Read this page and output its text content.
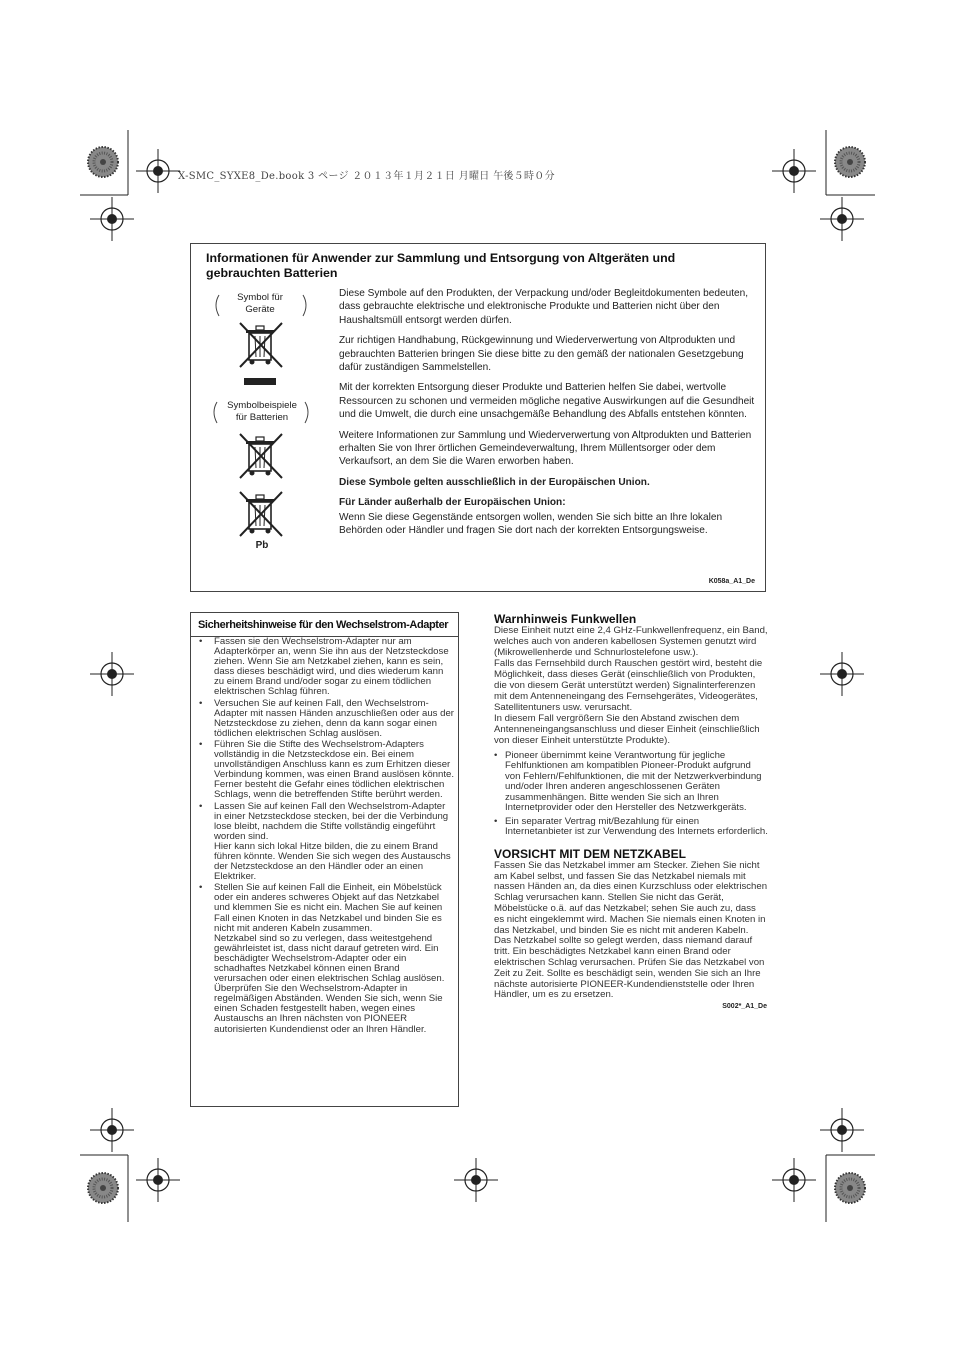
X-SMC_SYXE8_De.book 3 ページ ２０１３年１月２１日 月曜日 午後５時０分
Informationen für Anwender zur Sammlung und Entsorgung von Altgeräten und gebrauchten Batterien
Symbol für
Geräte
Symbolbeispiele
für Batterien
Pb

Diese Symbole auf den Produkten, der Verpackung und/oder Begleitdokumenten bedeuten, dass gebrauchte elektrische und elektronische Produkte und Batterien nicht über den Haushaltsmüll entsorgt werden dürfen.

Zur richtigen Handhabung, Rückgewinnung und Wiederverwertung von Altprodukten und gebrauchten Batterien bringen Sie diese bitte zu den gemäß der nationalen Gesetzgebung dafür zuständigen Sammelstellen.

Mit der korrekten Entsorgung dieser Produkte und Batterien helfen Sie dabei, wertvolle Ressourcen zu schonen und vermeiden mögliche negative Auswirkungen auf die Gesundheit und die Umwelt, die durch eine unsachgemäße Behandlung des Abfalls entstehen könnten.

Weitere Informationen zur Sammlung und Wiederverwertung von Altprodukten und Batterien erhalten Sie von Ihrer örtlichen Gemeindeverwaltung, Ihrem Müllentsorger oder dem Verkaufsort, an dem Sie die Waren erworben haben.

Diese Symbole gelten ausschließlich in der Europäischen Union.

Für Länder außerhalb der Europäischen Union:

Wenn Sie diese Gegenstände entsorgen wollen, wenden Sie sich bitte an Ihre lokalen Behörden oder Händler und fragen Sie dort nach der korrekten Entsorgungsweise.

K058a_A1_De
Sicherheitshinweise für den Wechselstrom-Adapter
• Fassen sie den Wechselstrom-Adapter nur am Adapterkörper an, wenn Sie ihn aus der Netzsteckdose ziehen. Wenn Sie am Netzkabel ziehen, kann es sein, dass dieses beschädigt wird, und dies wiederum kann zu einem Brand und/oder sogar zu einem tödlichen elektrischen Schlag führen.
• Versuchen Sie auf keinen Fall, den Wechselstrom-Adapter mit nassen Händen anzuschließen oder aus der Netzsteckdose zu ziehen, denn da kann sogar einen tödlichen elektrischen Schlag auslösen.
• Führen Sie die Stifte des Wechselstrom-Adapters vollständig in die Netzsteckdose ein. Bei einem unvollständigen Anschluss kann es zum Erhitzen dieser Verbindung kommen, was einen Brand auslösen könnte. Ferner besteht die Gefahr eines tödlichen elektrischen Schlags, wenn die betreffenden Stifte berührt werden.
• Lassen Sie auf keinen Fall den Wechselstrom-Adapter in einer Netzsteckdose stecken, bei der die Verbindung lose bleibt, nachdem die Stifte vollständig eingeführt worden sind.
Hier kann sich lokal Hitze bilden, die zu einem Brand führen könnte. Wenden Sie sich wegen des Austauschs der Netzsteckdose an den Händler oder an einen Elektriker.
• Stellen Sie auf keinen Fall die Einheit, ein Möbelstück oder ein anderes schweres Objekt auf das Netzkabel und klemmen Sie es nicht ein. Machen Sie auf keinen Fall einen Knoten in das Netzkabel und binden Sie es nicht mit anderen Kabeln zusammen.
Netzkabel sind so zu verlegen, dass weitestgehend gewährleistet ist, dass nicht darauf getreten wird. Ein beschädigter Wechselstrom-Adapter oder ein schadhaftes Netzkabel können einen Brand verursachen oder einen elektrischen Schlag auslösen. Überprüfen Sie den Wechselstrom-Adapter in regelmäßigen Abständen. Wenden Sie sich, wenn Sie einen Schaden festgestellt haben, wegen eines Austauschs an Ihren nächsten von PIONEER autorisierten Kundendienst oder an Ihren Händler.
Warnhinweis Funkwellen

Diese Einheit nutzt eine 2,4 GHz-Funkwellenfrequenz, ein Band, welches auch von anderen kabellosen Systemen genutzt wird (Mikrowellenherde und Schnurlostelefone usw.).

Falls das Fernsehbild durch Rauschen gestört wird, besteht die Möglichkeit, dass dieses Gerät (einschließlich von Produkten, die von diesem Gerät unterstützt werden) Signalinterferenzen mit dem Antenneneingang des Fernsehgerätes, Videogerätes, Satellitentuners usw. verursacht.

In diesem Fall vergrößern Sie den Abstand zwischen dem Antenneneingangsanschluss und dieser Einheit (einschließlich von dieser Einheit unterstützte Produkte).

• Pioneer übernimmt keine Verantwortung für jegliche Fehlfunktionen am kompatiblen Pioneer-Produkt aufgrund von Fehlern/Fehlfunktionen, die mit der Netzwerkverbindung und/oder Ihren anderen angeschlossenen Geräten zusammenhängen. Bitte wenden Sie sich an Ihren Internetprovider oder den Hersteller des Netzwerkgeräts.
• Ein separater Vertrag mit/Bezahlung für einen Internetanbieter ist zur Verwendung des Internets erforderlich.
VORSICHT MIT DEM NETZKABEL

Fassen Sie das Netzkabel immer am Stecker. Ziehen Sie nicht am Kabel selbst, und fassen Sie das Netzkabel niemals mit nassen Händen an, da dies einen Kurzschluss oder elektrischen Schlag verursachen kann. Stellen Sie nicht das Gerät, Möbelstücke o.ä. auf das Netzkabel; sehen Sie auch zu, dass es nicht eingeklemmt wird. Machen Sie niemals einen Knoten in das Netzkabel, und binden Sie es nicht mit anderen Kabeln. Das Netzkabel sollte so gelegt werden, dass niemand darauf tritt. Ein beschädigtes Netzkabel kann einen Brand oder elektrischen Schlag verursachen. Prüfen Sie das Netzkabel von Zeit zu Zeit. Sollte es beschädigt sein, wenden Sie sich an Ihre nächste autorisierte PIONEER-Kundendienststelle oder Ihren Händler, um es zu ersetzen.

S002*_A1_De
